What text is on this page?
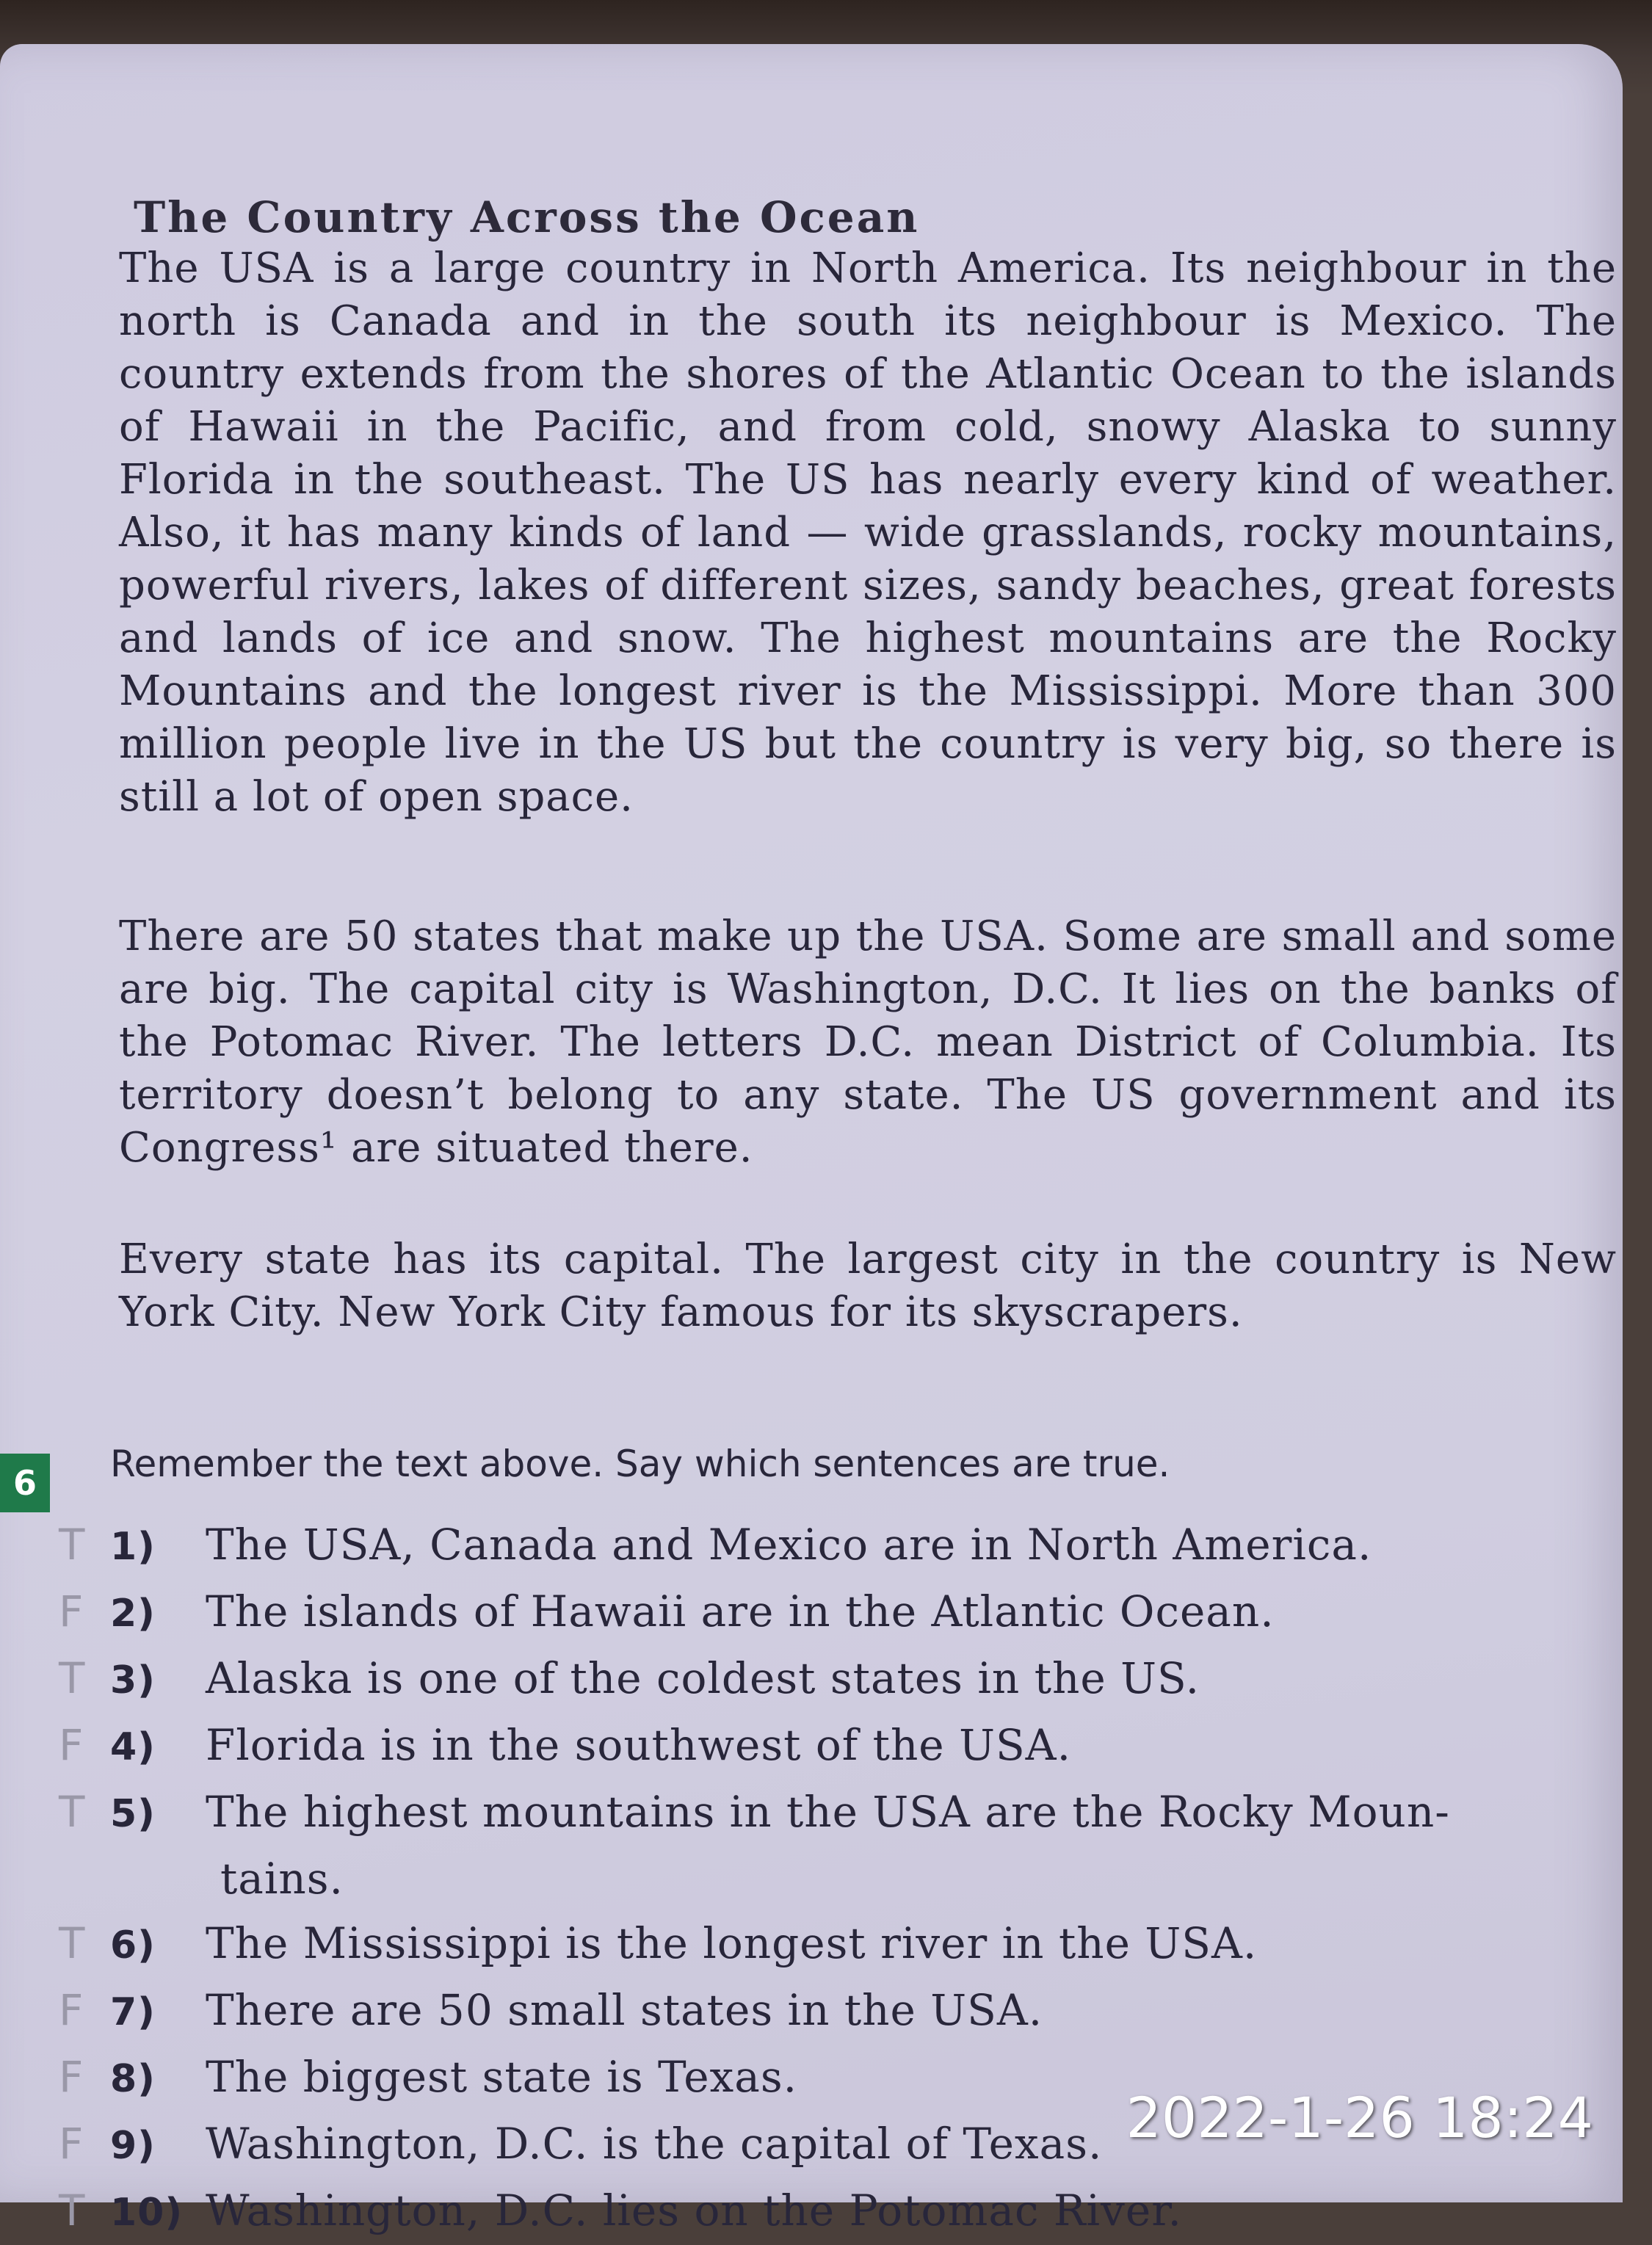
The Country Across the Ocean
The USA is a large country in North America. Its neighbour in the north is Canada and in the south its neighbour is Mexico. The country extends from the shores of the Atlantic Ocean to the islands of Hawaii in the Pacific, and from cold, snowy Alaska to sunny Florida in the southeast. The US has nearly every kind of weather. Also, it has many kinds of land — wide grasslands, rocky mountains, powerful rivers, lakes of different sizes, sandy beaches, great forests and lands of ice and snow. The highest mountains are the Rocky Mountains and the longest river is the Mississippi. More than 300 million people live in the US but the country is very big, so there is still a lot of open space.
There are 50 states that make up the USA. Some are small and some are big. The capital city is Washington, D.C. It lies on the banks of the Potomac River. The letters D.C. mean District of Columbia. Its territory doesn’t belong to any state. The US government and its Congress¹ are situated there.
Every state has its capital. The largest city in the country is New York City. New York City famous for its skyscrapers.
6	Remember the text above. Say which sentences are true.
T 1) The USA, Canada and Mexico are in North America.
F 2) The islands of Hawaii are in the Atlantic Ocean.
T 3) Alaska is one of the coldest states in the US.
F 4) Florida is in the southwest of the USA.
T 5) The highest mountains in the USA are the Rocky Moun-
tains.
T 6) The Mississippi is the longest river in the USA.
F 7) There are 50 small states in the USA.
F 8) The biggest state is Texas.
F 9) Washington, D.C. is the capital of Texas.
T 10) Washington, D.C. lies on the Potomac River.
2022-1-26 18:24
